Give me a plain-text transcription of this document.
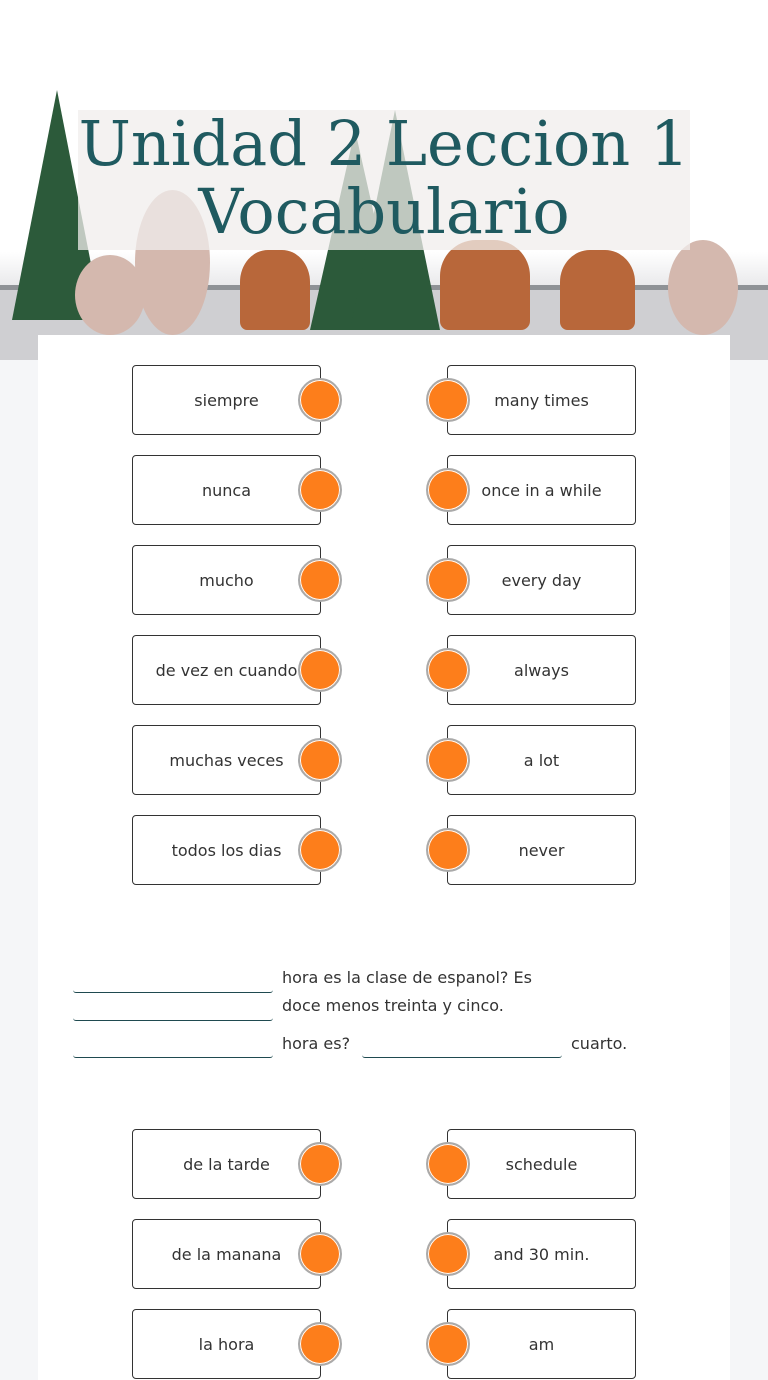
Unidad 2 Leccion 1 Vocabulario
siempre	many times
nunca	once in a while
mucho	every day
de vez en cuando	always
muchas veces	a lot
todos los dias	never
hora es la clase de espanol? Es
doce menos treinta y cinco.
hora es?	cuarto.
de la tarde	schedule
de la manana	and 30 min.
la hora	am
